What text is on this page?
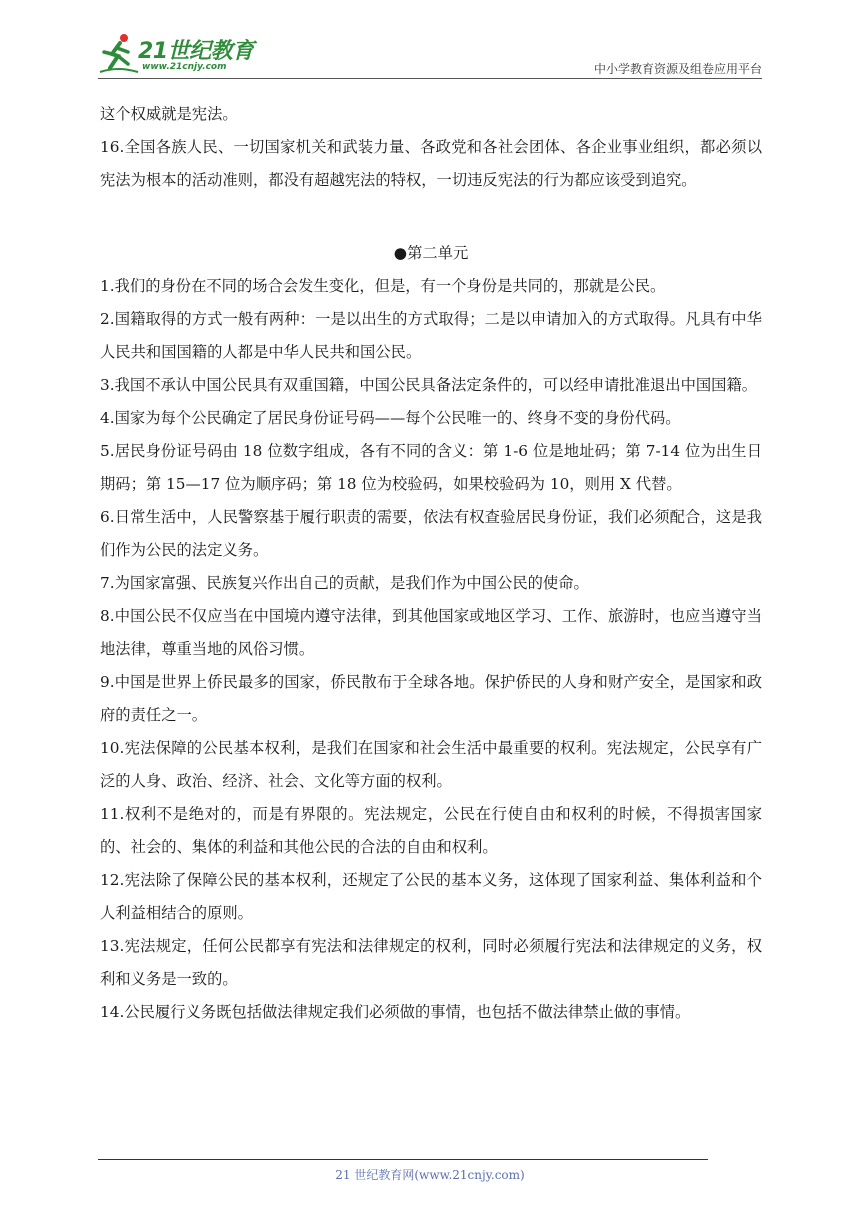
21世纪教育
www.21cnjy.com	中小学教育资源及组卷应用平台

这个权威就是宪法。

16.全国各族人民、一切国家机关和武装力量、各政党和各社会团体、各企业事业组织，都必须以宪法为根本的活动准则，都没有超越宪法的特权，一切违反宪法的行为都应该受到追究。

●第二单元

1.我们的身份在不同的场合会发生变化，但是，有一个身份是共同的，那就是公民。

2.国籍取得的方式一般有两种：一是以出生的方式取得；二是以申请加入的方式取得。凡具有中华人民共和国国籍的人都是中华人民共和国公民。

3.我国不承认中国公民具有双重国籍，中国公民具备法定条件的，可以经申请批准退出中国国籍。

4.国家为每个公民确定了居民身份证号码——每个公民唯一的、终身不变的身份代码。

5.居民身份证号码由 18 位数字组成，各有不同的含义：第 1-6 位是地址码；第 7-14 位为出生日期码；第 15—17 位为顺序码；第 18 位为校验码，如果校验码为 10，则用 X 代替。

6.日常生活中，人民警察基于履行职责的需要，依法有权查验居民身份证，我们必须配合，这是我们作为公民的法定义务。

7.为国家富强、民族复兴作出自己的贡献，是我们作为中国公民的使命。

8.中国公民不仅应当在中国境内遵守法律，到其他国家或地区学习、工作、旅游时，也应当遵守当地法律，尊重当地的风俗习惯。

9.中国是世界上侨民最多的国家，侨民散布于全球各地。保护侨民的人身和财产安全，是国家和政府的责任之一。

10.宪法保障的公民基本权利，是我们在国家和社会生活中最重要的权利。宪法规定，公民享有广泛的人身、政治、经济、社会、文化等方面的权利。

11.权利不是绝对的，而是有界限的。宪法规定，公民在行使自由和权利的时候，不得损害国家的、社会的、集体的利益和其他公民的合法的自由和权利。

12.宪法除了保障公民的基本权利，还规定了公民的基本义务，这体现了国家利益、集体利益和个人利益相结合的原则。

13.宪法规定，任何公民都享有宪法和法律规定的权利，同时必须履行宪法和法律规定的义务，权利和义务是一致的。

14.公民履行义务既包括做法律规定我们必须做的事情，也包括不做法律禁止做的事情。

21 世纪教育网(www.21cnjy.com)
